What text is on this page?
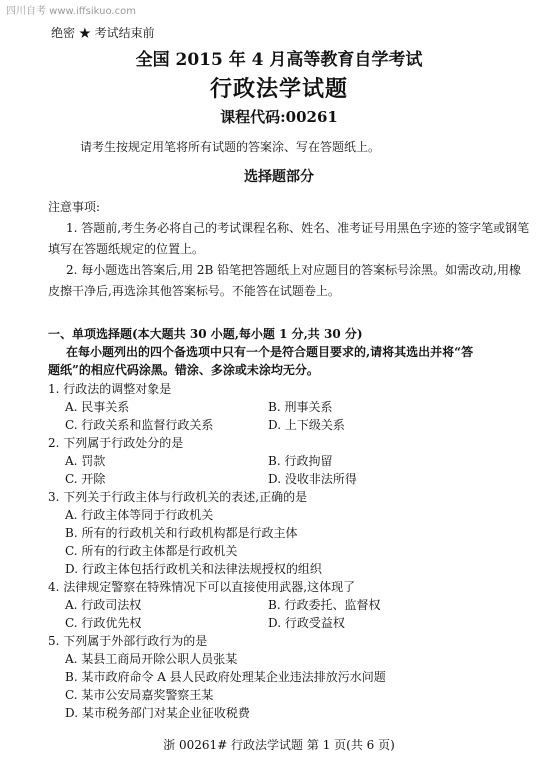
四川自考 www.iffsikuo.com
绝密 ★ 考试结束前
全国 2015 年 4 月高等教育自学考试
行政法学试题
课程代码:00261
请考生按规定用笔将所有试题的答案涂、写在答题纸上。
选择题部分
注意事项:
1. 答题前,考生务必将自己的考试课程名称、姓名、准考证号用黑色字迹的签字笔或钢笔
填写在答题纸规定的位置上。
2. 每小题选出答案后,用 2B 铅笔把答题纸上对应题目的答案标号涂黑。如需改动,用橡
皮擦干净后,再选涂其他答案标号。不能答在试题卷上。
一、单项选择题(本大题共 30 小题,每小题 1 分,共 30 分)
在每小题列出的四个备选项中只有一个是符合题目要求的,请将其选出并将“答
题纸”的相应代码涂黑。错涂、多涂或未涂均无分。
1. 行政法的调整对象是
A. 民事关系	B. 刑事关系
C. 行政关系和监督行政关系	D. 上下级关系
2. 下列属于行政处分的是
A. 罚款	B. 行政拘留
C. 开除	D. 没收非法所得
3. 下列关于行政主体与行政机关的表述,正确的是
A. 行政主体等同于行政机关
B. 所有的行政机关和行政机构都是行政主体
C. 所有的行政主体都是行政机关
D. 行政主体包括行政机关和法律法规授权的组织
4. 法律规定警察在特殊情况下可以直接使用武器,这体现了
A. 行政司法权	B. 行政委托、监督权
C. 行政优先权	D. 行政受益权
5. 下列属于外部行政行为的是
A. 某县工商局开除公职人员张某
B. 某市政府命令 A 县人民政府处理某企业违法排放污水问题
C. 某市公安局嘉奖警察王某
D. 某市税务部门对某企业征收税费
浙 00261# 行政法学试题 第 1 页(共 6 页)
